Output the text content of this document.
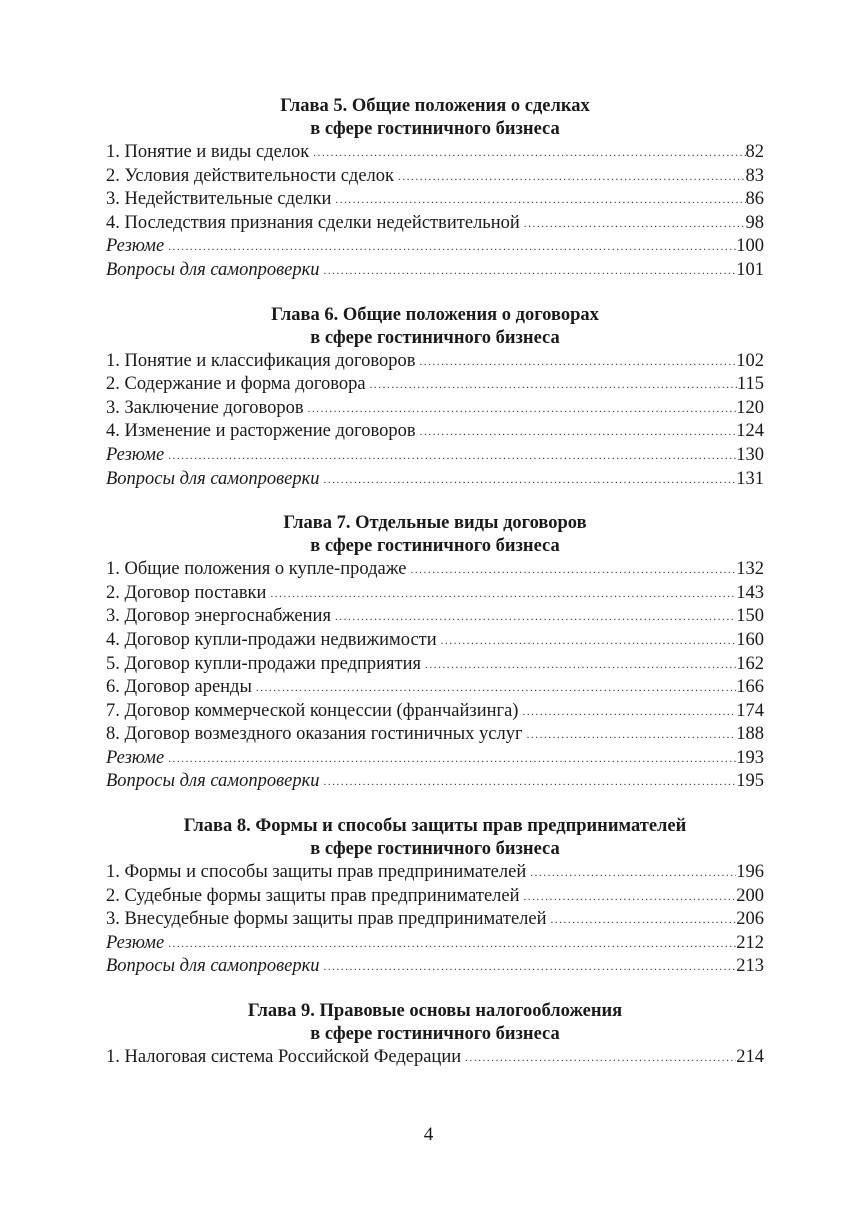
Глава 5. Общие положения о сделках
в сфере гостиничного бизнеса
1. Понятие и виды сделок .....	82
2. Условия действительности сделок .....	83
3. Недействительные сделки .....	86
4. Последствия признания сделки недействительной .....	98
Резюме .....	100
Вопросы для самопроверки .....	101
Глава 6. Общие положения о договорах
в сфере гостиничного бизнеса
1. Понятие и классификация договоров .....	102
2. Содержание и форма договора .....	115
3. Заключение договоров .....	120
4. Изменение и расторжение договоров .....	124
Резюме .....	130
Вопросы для самопроверки .....	131
Глава 7. Отдельные виды договоров
в сфере гостиничного бизнеса
1. Общие положения о купле-продаже .....	132
2. Договор поставки .....	143
3. Договор энергоснабжения .....	150
4. Договор купли-продажи недвижимости .....	160
5. Договор купли-продажи предприятия .....	162
6. Договор аренды .....	166
7. Договор коммерческой концессии (франчайзинга) .....	174
8. Договор возмездного оказания гостиничных услуг .....	188
Резюме .....	193
Вопросы для самопроверки .....	195
Глава 8. Формы и способы защиты прав предпринимателей
в сфере гостиничного бизнеса
1. Формы и способы защиты прав предпринимателей .....	196
2. Судебные формы защиты прав предпринимателей .....	200
3. Внесудебные формы защиты прав предпринимателей .....	206
Резюме .....	212
Вопросы для самопроверки .....	213
Глава 9. Правовые основы налогообложения
в сфере гостиничного бизнеса
1. Налоговая система Российской Федерации .....	214
4
